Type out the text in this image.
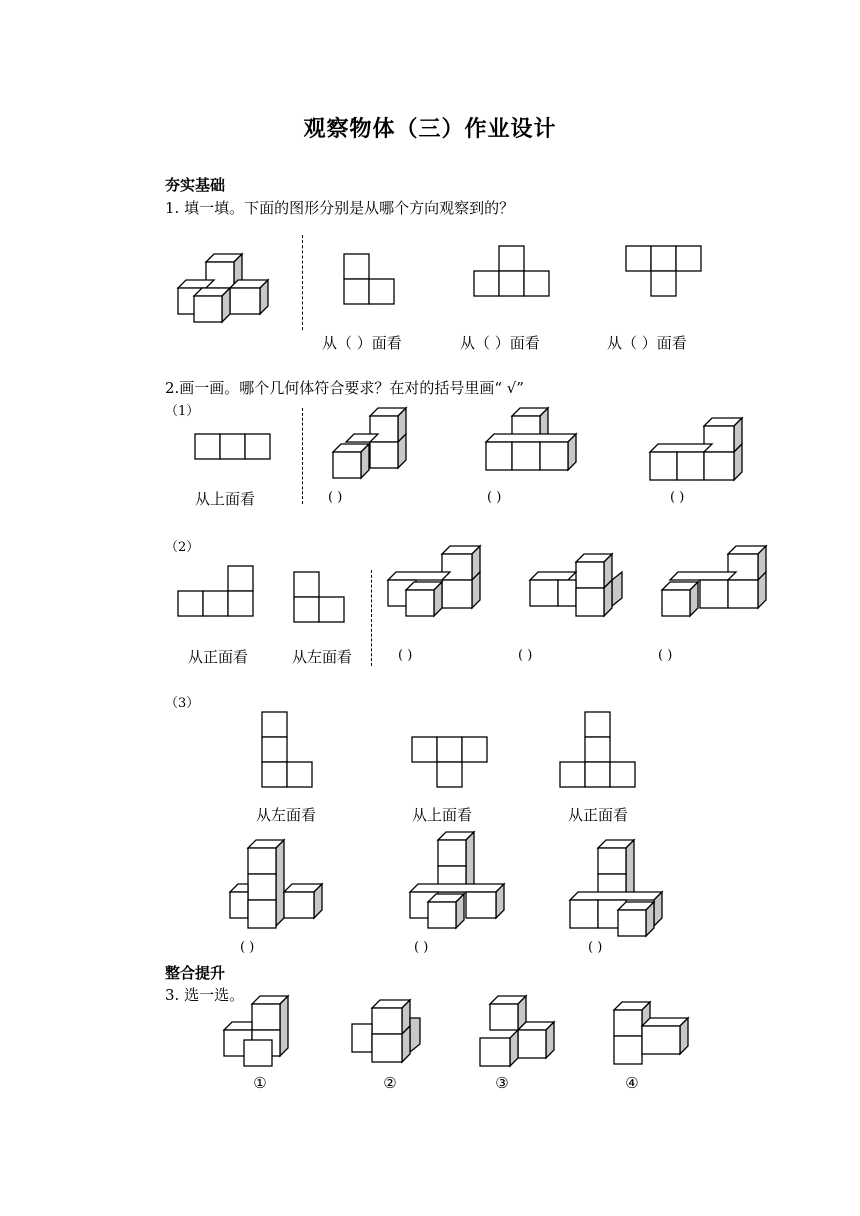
观察物体（三）作业设计
夯实基础
1. 填一填。下面的图形分别是从哪个方向观察到的？
从（ ）面看	从（ ）面看	从（ ）面看
2.画一画。哪个几何体符合要求？在对的括号里画“ √”
（1）
从上面看	( )	( )	( )
（2）
从正面看	从左面看	( )	( )	( )
（3）
从左面看	从上面看	从正面看
( )	( )	( )
整合提升
3. 选一选。
①	②	③	④
